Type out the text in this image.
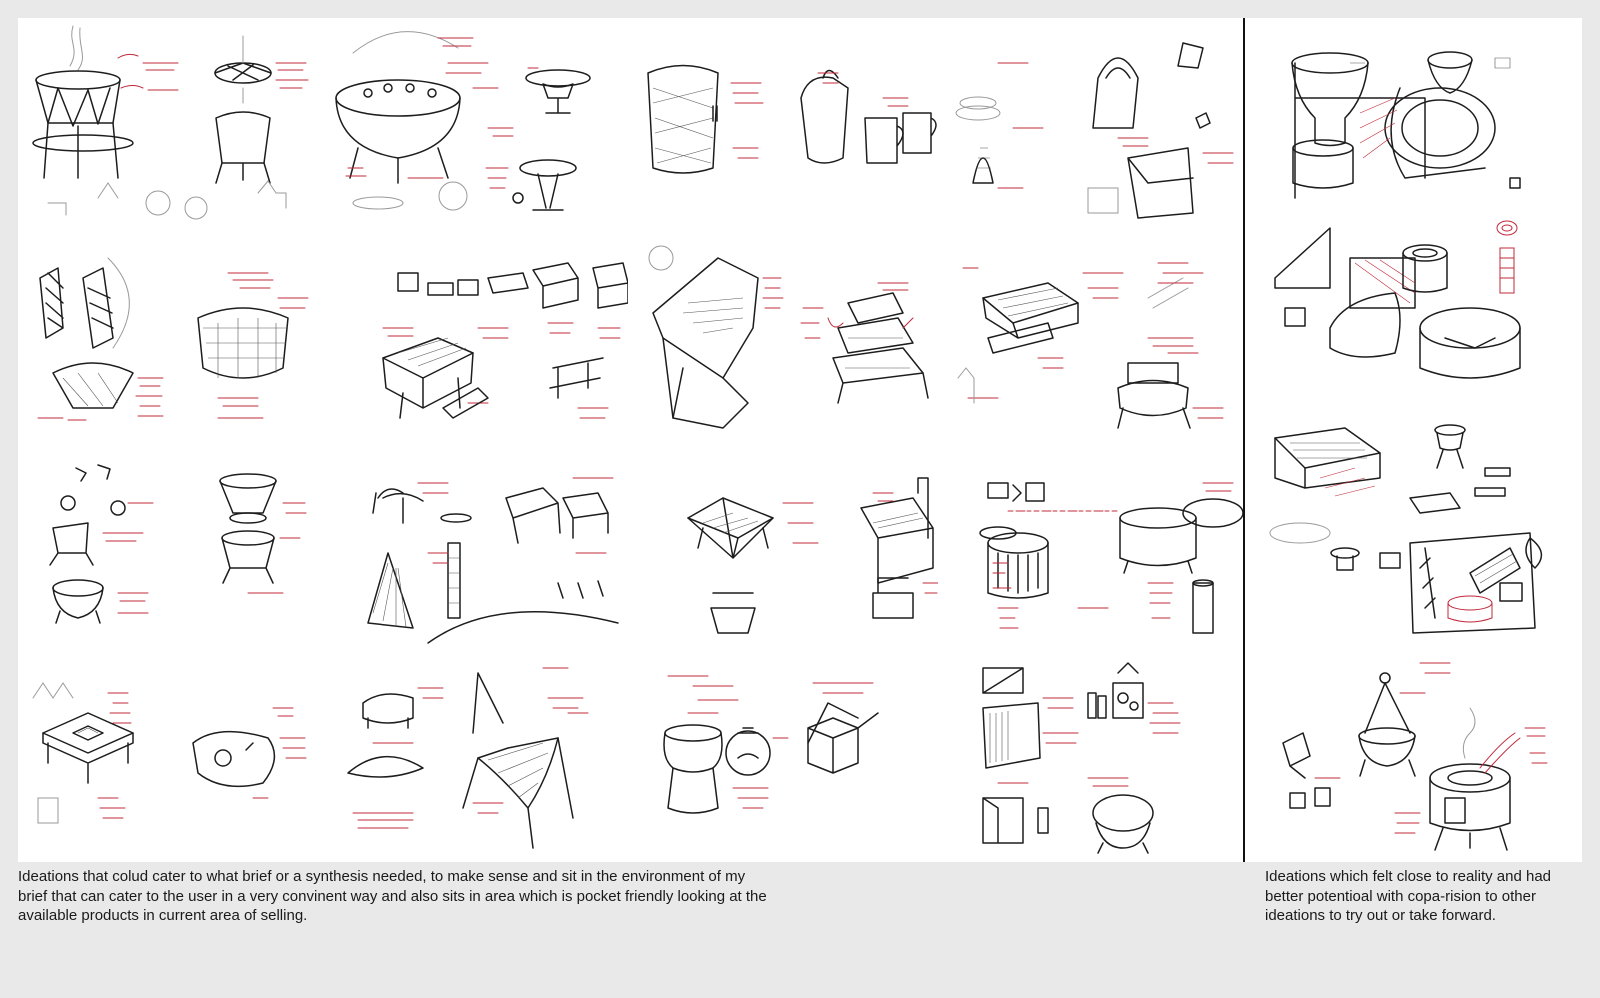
Ideations that colud cater to what brief or a synthesis needed, to make sense and sit in the environment of my brief that can cater to the user in a very convinent way and also sits in area which is pocket friendly looking at the available products in current area of selling.
Ideations which felt close to reality and had better potentioal with copa-rision to other ideations to try out or take forward.
